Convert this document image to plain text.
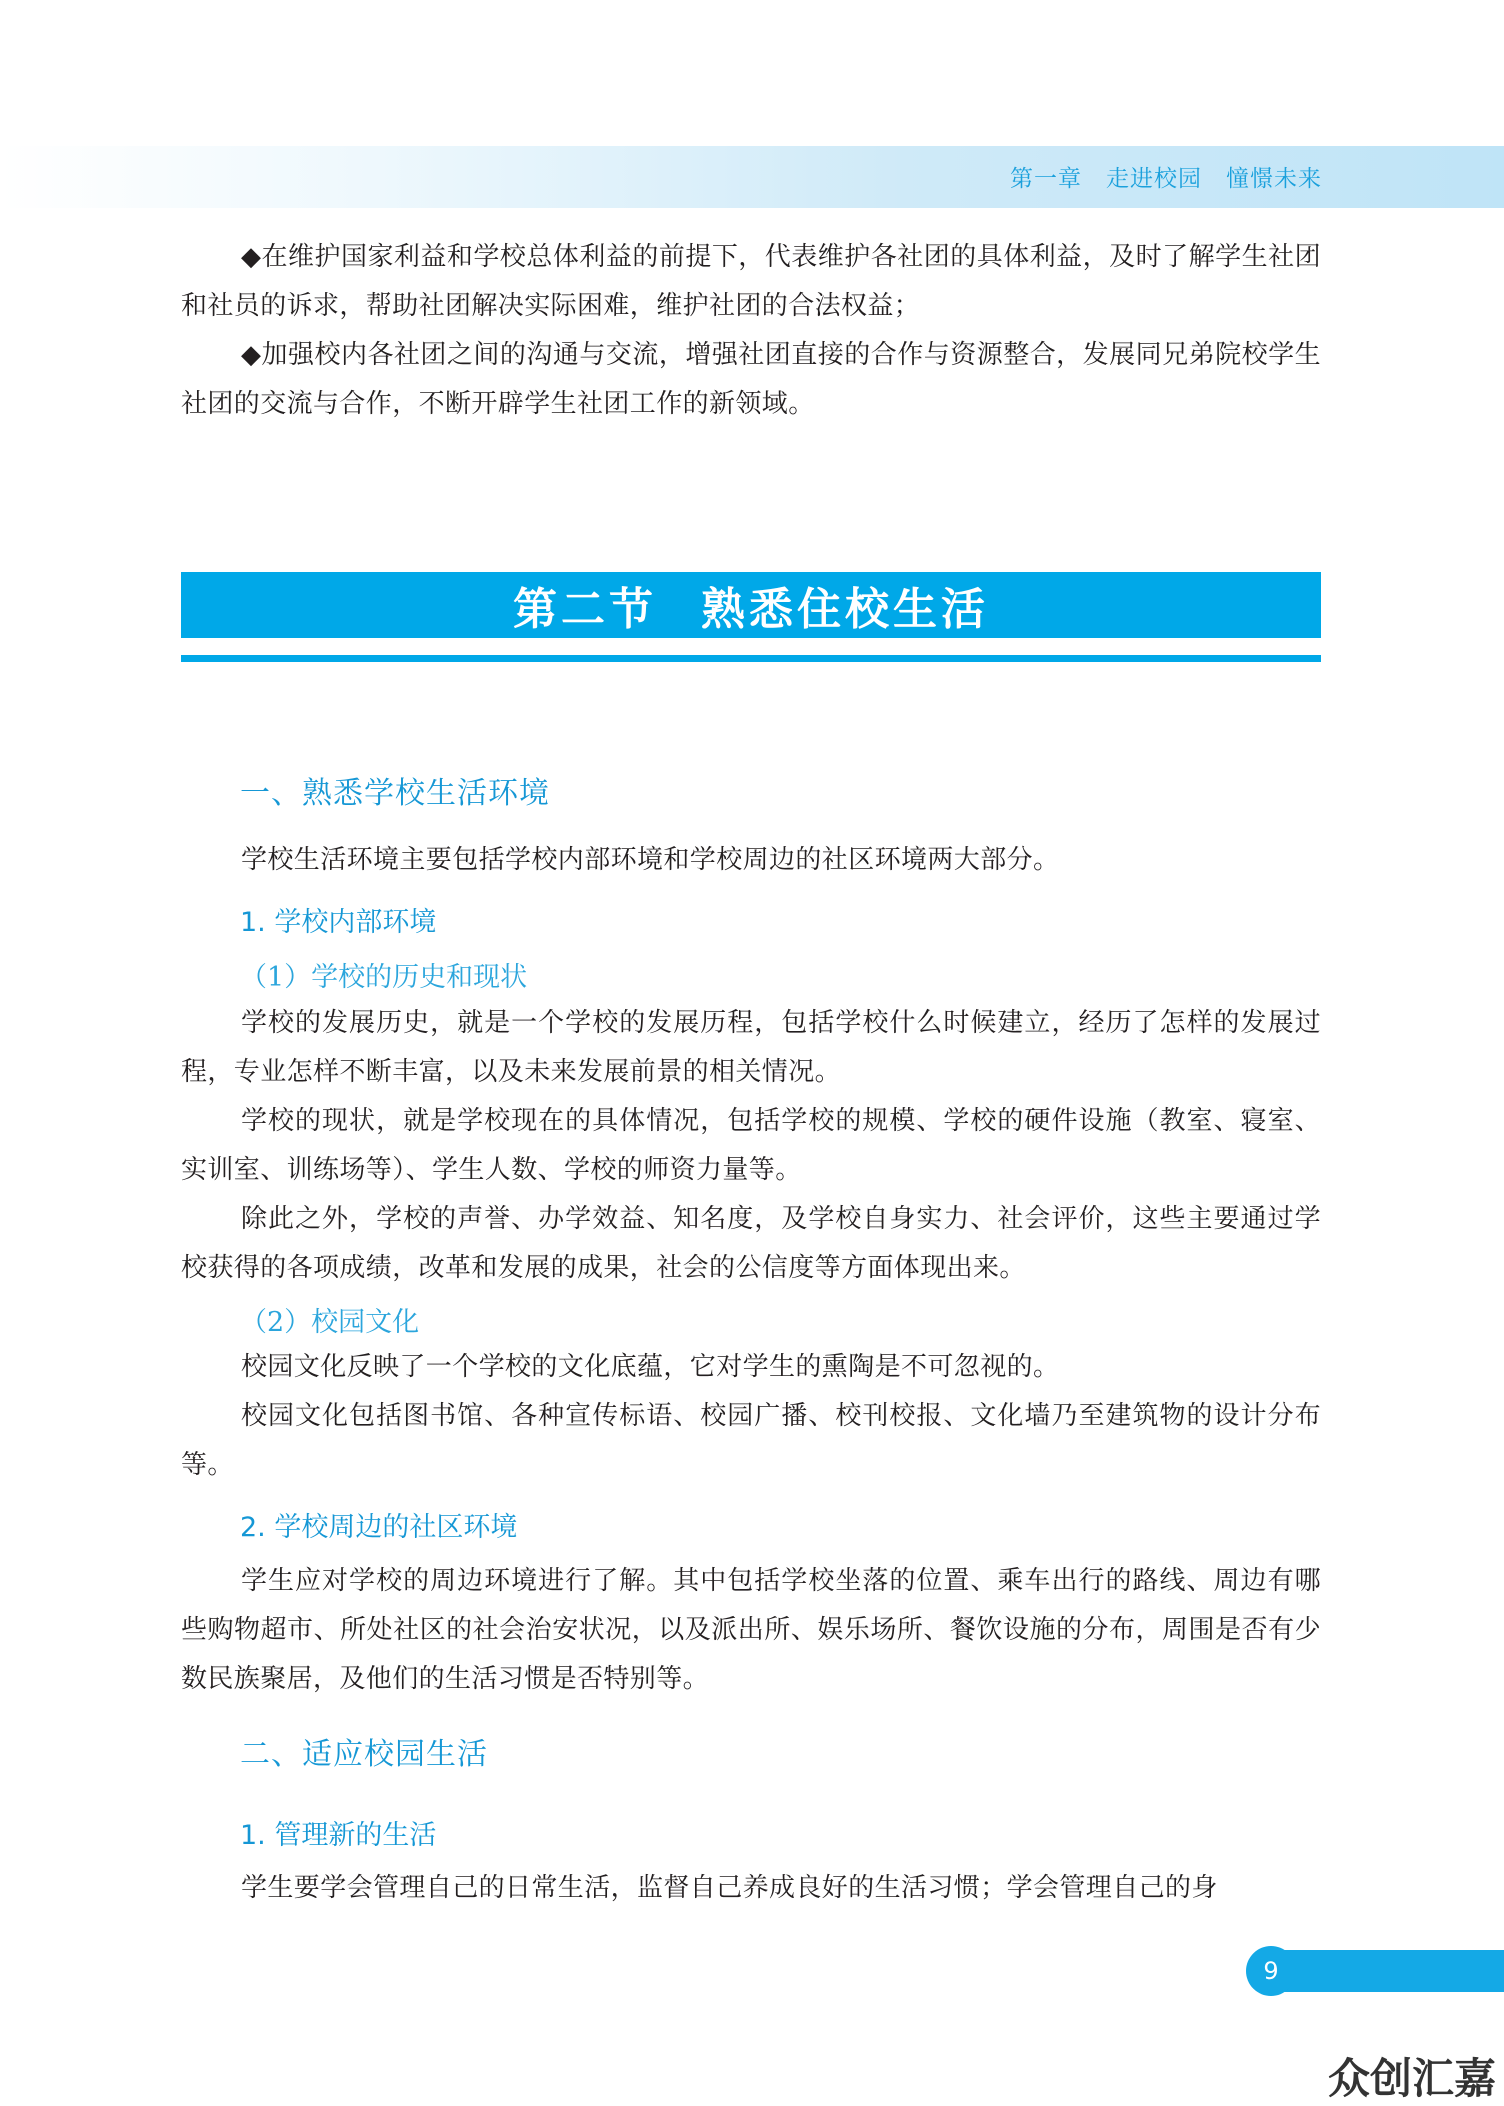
第一章　走进校园　憧憬未来

◆在维护国家利益和学校总体利益的前提下，代表维护各社团的具体利益，及时了解学生社团和社员的诉求，帮助社团解决实际困难，维护社团的合法权益；

◆加强校内各社团之间的沟通与交流，增强社团直接的合作与资源整合，发展同兄弟院校学生社团的交流与合作，不断开辟学生社团工作的新领域。

第二节 熟悉住校生活
一、熟悉学校生活环境

学校生活环境主要包括学校内部环境和学校周边的社区环境两大部分。

1. 学校内部环境
（1）学校的历史和现状

学校的发展历史，就是一个学校的发展历程，包括学校什么时候建立，经历了怎样的发展过程，专业怎样不断丰富，以及未来发展前景的相关情况。

学校的现状，就是学校现在的具体情况，包括学校的规模、学校的硬件设施（教室、寝室、实训室、训练场等）、学生人数、学校的师资力量等。

除此之外，学校的声誉、办学效益、知名度，及学校自身实力、社会评价，这些主要通过学校获得的各项成绩，改革和发展的成果，社会的公信度等方面体现出来。

（2）校园文化

校园文化反映了一个学校的文化底蕴，它对学生的熏陶是不可忽视的。

校园文化包括图书馆、各种宣传标语、校园广播、校刊校报、文化墙乃至建筑物的设计分布等。

2. 学校周边的社区环境

学生应对学校的周边环境进行了解。其中包括学校坐落的位置、乘车出行的路线、周边有哪些购物超市、所处社区的社会治安状况，以及派出所、娱乐场所、餐饮设施的分布，周围是否有少数民族聚居，及他们的生活习惯是否特别等。

二、适应校园生活
1. 管理新的生活

学生要学会管理自己的日常生活，监督自己养成良好的生活习惯；学会管理自己的身

9
众创汇嘉
